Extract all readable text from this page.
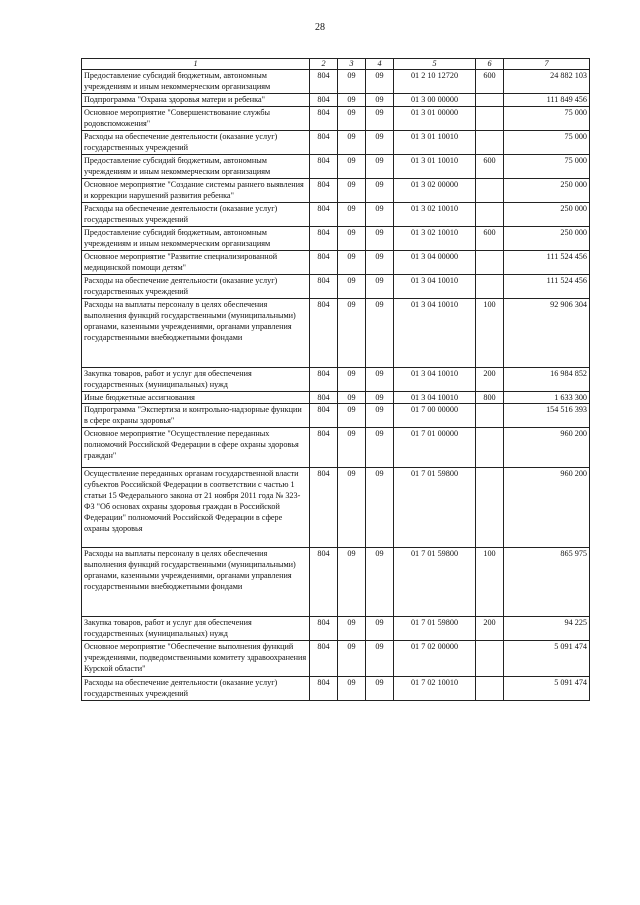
28
1	2	3	4	5	6	7
Предоставление субсидий бюджетным, автономным учреждениям и иным некоммерческим организациям	804	09	09	01 2 10 12720	600	24 882 103
Подпрограмма "Охрана здоровья матери и ребенка"	804	09	09	01 3 00 00000		111 849 456
Основное мероприятие "Совершенствование службы родовспоможения"	804	09	09	01 3 01 00000		75 000
Расходы на обеспечение деятельности (оказание услуг) государственных учреждений	804	09	09	01 3 01 10010		75 000
Предоставление субсидий бюджетным, автономным учреждениям и иным некоммерческим организациям	804	09	09	01 3 01 10010	600	75 000
Основное мероприятие "Создание системы раннего выявления и коррекции нарушений развития ребенка"	804	09	09	01 3 02 00000		250 000
Расходы на обеспечение деятельности (оказание услуг) государственных учреждений	804	09	09	01 3 02 10010		250 000
Предоставление субсидий бюджетным, автономным учреждениям и иным некоммерческим организациям	804	09	09	01 3 02 10010	600	250 000
Основное мероприятие "Развитие специализированной медицинской помощи детям"	804	09	09	01 3 04 00000		111 524 456
Расходы на обеспечение деятельности (оказание услуг) государственных учреждений	804	09	09	01 3 04 10010		111 524 456
Расходы на выплаты персоналу в целях обеспечения выполнения функций государственными (муниципальными) органами, казенными учреждениями, органами управления государственными внебюджетными фондами	804	09	09	01 3 04 10010	100	92 906 304
Закупка товаров, работ и услуг для обеспечения государственных (муниципальных) нужд	804	09	09	01 3 04 10010	200	16 984 852
Иные бюджетные ассигнования	804	09	09	01 3 04 10010	800	1 633 300
Подпрограмма "Экспертиза и контрольно-надзорные функции в сфере охраны здоровья"	804	09	09	01 7 00 00000		154 516 393
Основное мероприятие "Осуществление переданных полномочий Российской Федерации в сфере охраны здоровья граждан"	804	09	09	01 7 01 00000		960 200
Осуществление переданных органам государственной власти субъектов Российской Федерации в соответствии с частью 1 статьи 15 Федерального закона от 21 ноября 2011 года № 323-ФЗ "Об основах охраны здоровья граждан в Российской Федерации" полномочий Российской Федерации в сфере охраны здоровья	804	09	09	01 7 01 59800		960 200
Расходы на выплаты персоналу в целях обеспечения выполнения функций государственными (муниципальными) органами, казенными учреждениями, органами управления государственными внебюджетными фондами	804	09	09	01 7 01 59800	100	865 975
Закупка товаров, работ и услуг для обеспечения государственных (муниципальных) нужд	804	09	09	01 7 01 59800	200	94 225
Основное мероприятие "Обеспечение выполнения функций учреждениями, подведомственными комитету здравоохранения Курской области"	804	09	09	01 7 02 00000		5 091 474
Расходы на обеспечение деятельности (оказание услуг) государственных учреждений	804	09	09	01 7 02 10010		5 091 474
